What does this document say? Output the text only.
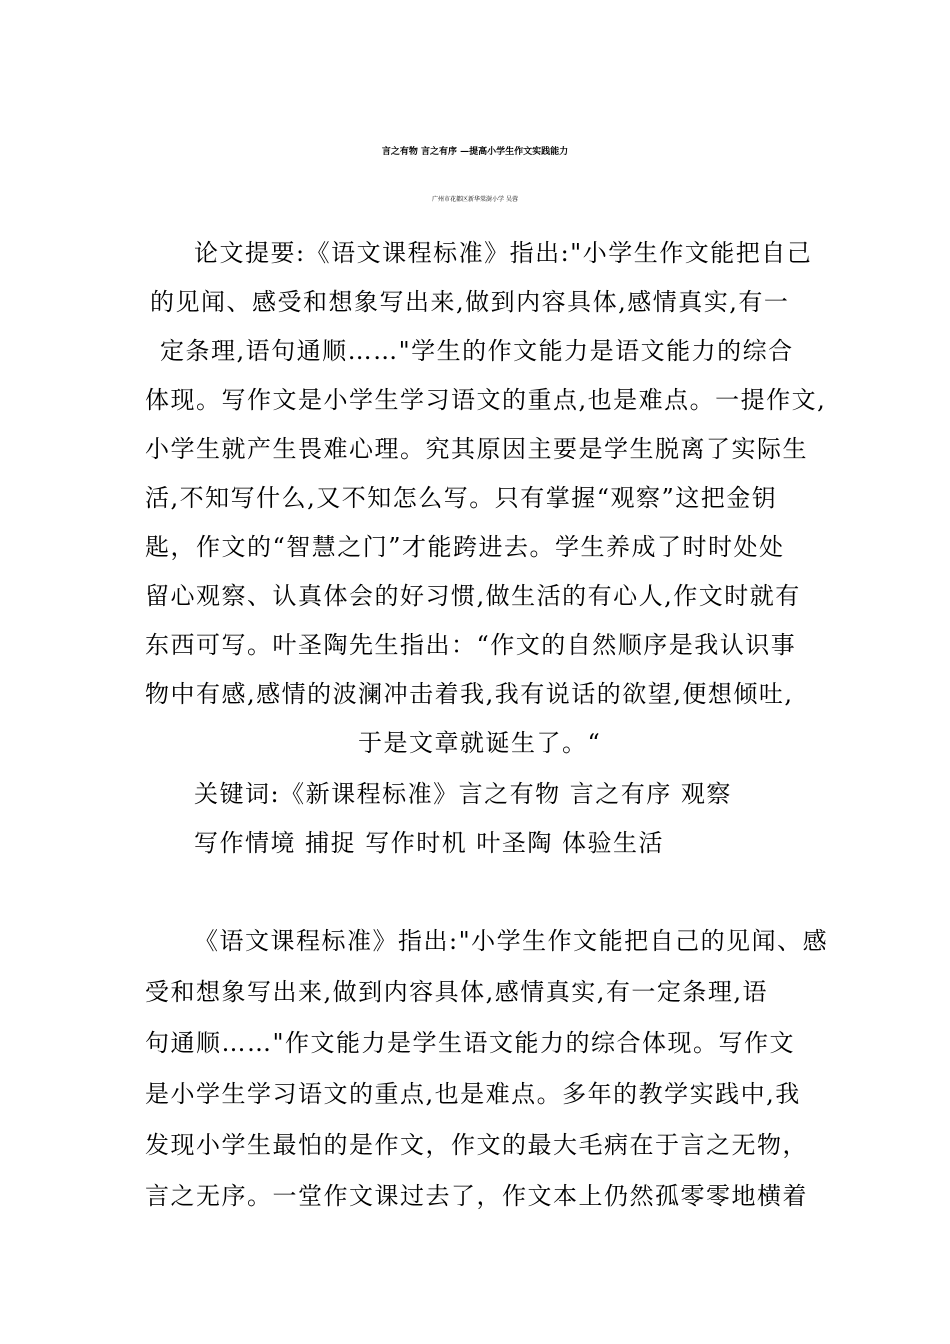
言之有物 言之有序 —提高小学生作文实践能力
广州市花都区新华棠澍小学 吴蓉
论文提要:《语文课程标准》指出:"小学生作文能把自己
的见闻、感受和想象写出来,做到内容具体,感情真实,有一
定条理,语句通顺……"学生的作文能力是语文能力的综合
体现。写作文是小学生学习语文的重点,也是难点。一提作文,
小学生就产生畏难心理。究其原因主要是学生脱离了实际生
活,不知写什么,又不知怎么写。只有掌握“观察”这把金钥
匙，作文的“智慧之门”才能跨进去。学生养成了时时处处
留心观察、认真体会的好习惯,做生活的有心人,作文时就有
东西可写。叶圣陶先生指出：“作文的自然顺序是我认识事
物中有感,感情的波澜冲击着我,我有说话的欲望,便想倾吐,
于是文章就诞生了。“
关键词:《新课程标准》言之有物 言之有序 观察
写作情境 捕捉 写作时机 叶圣陶 体验生活
《语文课程标准》指出:"小学生作文能把自己的见闻、感
受和想象写出来,做到内容具体,感情真实,有一定条理,语
句通顺……"作文能力是学生语文能力的综合体现。写作文
是小学生学习语文的重点,也是难点。多年的教学实践中,我
发现小学生最怕的是作文，作文的最大毛病在于言之无物，
言之无序。一堂作文课过去了，作文本上仍然孤零零地横着
